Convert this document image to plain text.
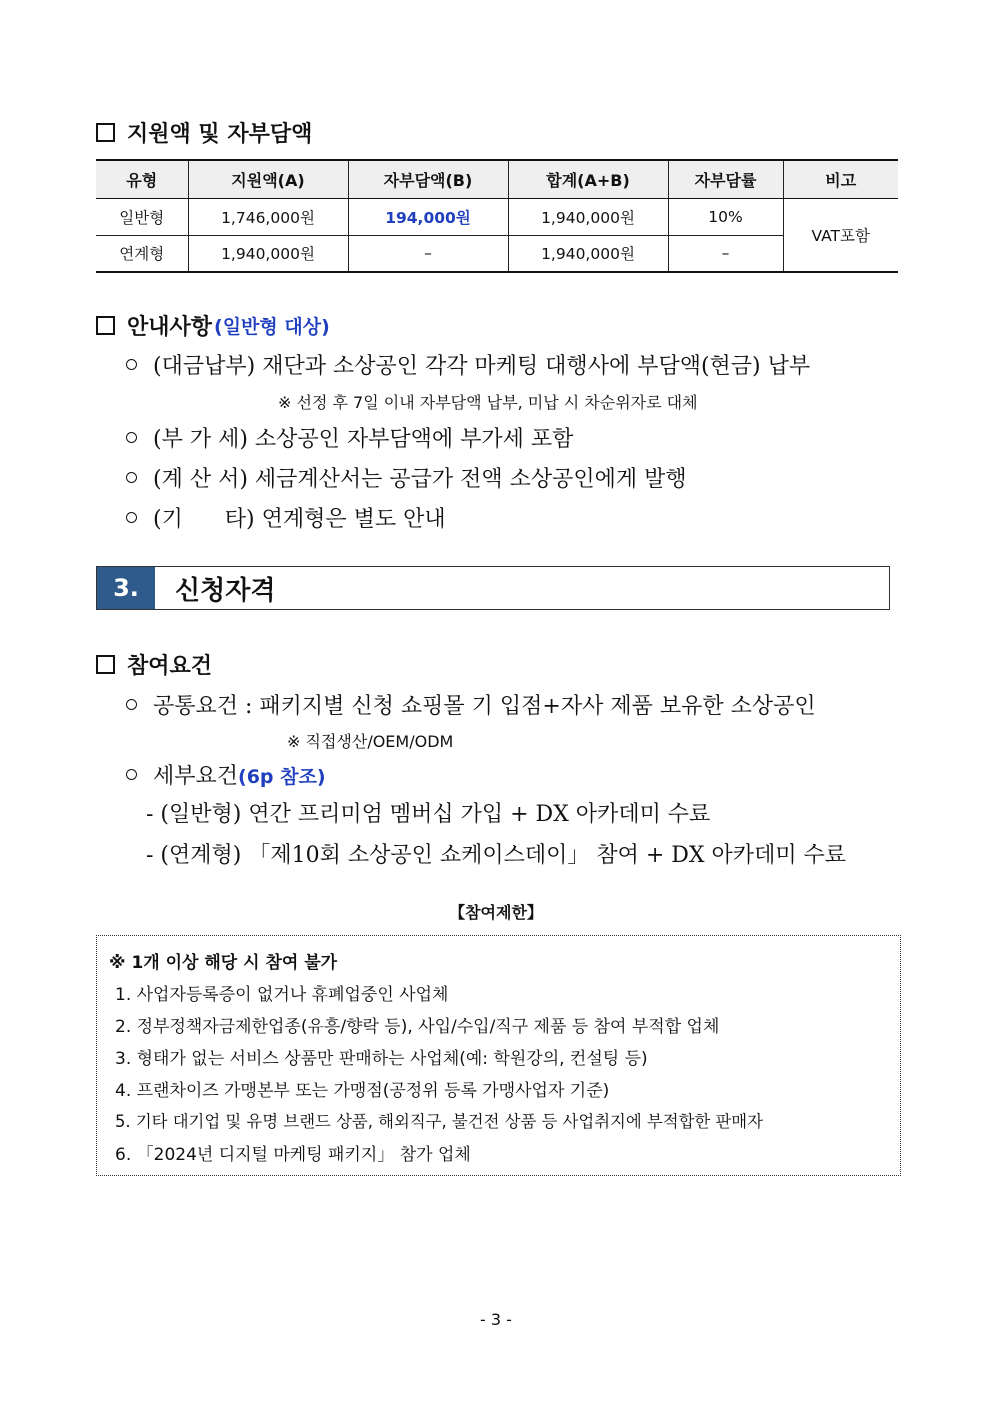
지원액 및 자부담액
유형	지원액(A)	자부담액(B)	합계(A+B)	자부담률	비고
일반형	1,746,000원	194,000원	1,940,000원	10%	VAT포함
연계형	1,940,000원	–	1,940,000원	–	
안내사항 (일반형 대상)
(대금납부) 재단과 소상공인 각각 마케팅 대행사에 부담액(현금) 납부
※ 선정 후 7일 이내 자부담액 납부, 미납 시 차순위자로 대체
(부 가 세) 소상공인 자부담액에 부가세 포함
(계 산 서) 세금계산서는 공급가 전액 소상공인에게 발행
(기      타) 연계형은 별도 안내
3.	신청자격
참여요건
공통요건 : 패키지별 신청 쇼핑몰 기 입점+자사 제품 보유한 소상공인
※ 직접생산/OEM/ODM
세부요건(6p 참조)
- (일반형) 연간 프리미엄 멤버십 가입 + DX 아카데미 수료
- (연계형) 「제10회 소상공인 쇼케이스데이」 참여 + DX 아카데미 수료
【참여제한】
※ 1개 이상 해당 시 참여 불가
1. 사업자등록증이 없거나 휴폐업중인 사업체
2. 정부정책자금제한업종(유흥/향락 등), 사입/수입/직구 제품 등 참여 부적합 업체
3. 형태가 없는 서비스 상품만 판매하는 사업체(예: 학원강의, 컨설팅 등)
4. 프랜차이즈 가맹본부 또는 가맹점(공정위 등록 가맹사업자 기준)
5. 기타 대기업 및 유명 브랜드 상품, 해외직구, 불건전 상품 등 사업취지에 부적합한 판매자
6. 「2024년 디지털 마케팅 패키지」 참가 업체
- 3 -
